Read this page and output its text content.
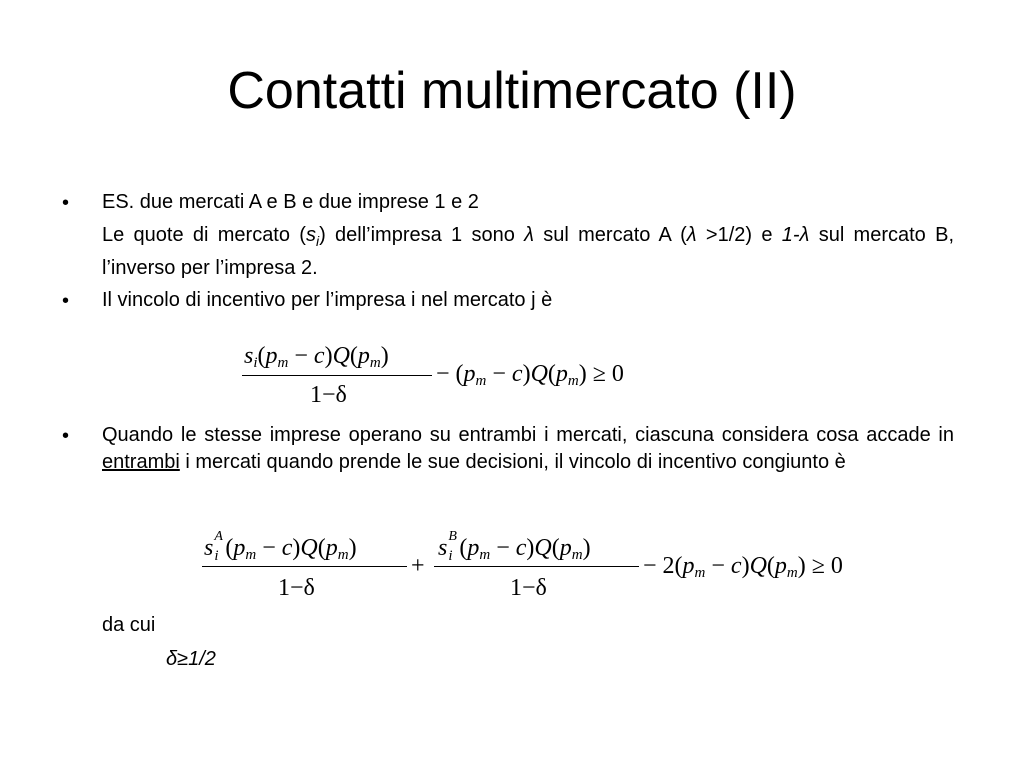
Contatti multimercato (II)
• ES. due mercati A e B e due imprese 1 e 2
Le quote di mercato $(s_i)$ dell’impresa 1 sono λ sul mercato A (λ >1/2) e 1-λ sul mercato B, l’inverso per l’impresa 2.
• Il vincolo di incentivo per l’impresa i nel mercato j è
$s_i(p_m - c)Q(p_m)$
1−δ
− $(p_m - c)Q(p_m) \ge 0$
• Quando le stesse imprese operano su entrambi i mercati, ciascuna considera cosa accade in entrambi i mercati quando prende le sue decisioni, il vincolo di incentivo congiunto è
s A
i $(p_m - c)Q(p_m)$
1−δ
+
s B
i $(p_m - c)Q(p_m)$
1−δ
− $2(p_m - c)Q(p_m) \ge 0$
da cui
δ≥1/2
